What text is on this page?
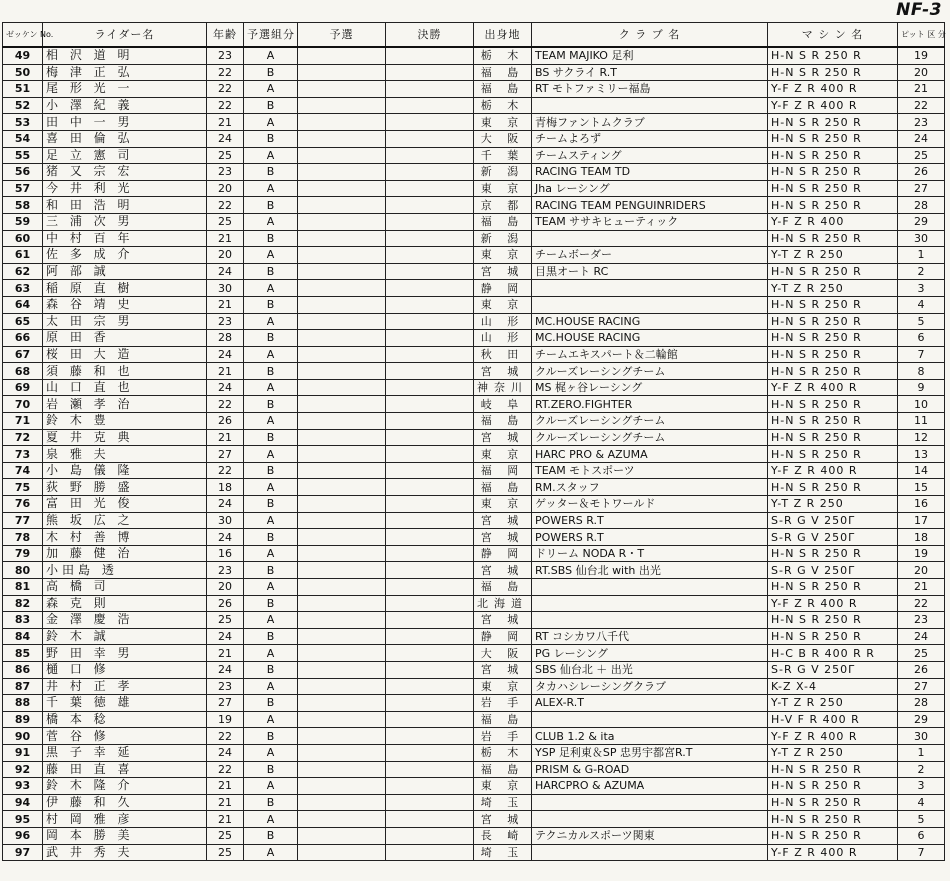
NF-3
ゼッケン No.	ライダー名	年齢	予選組分	予選	決勝	出身地	ク ラ ブ 名	マ シ ン 名	ピット 区 分
49	相 沢 道 明	23	A			栃 木	TEAM MAJIKO 足利	H-N S R 250 R	19
50	梅 津 正 弘	22	B			福 島	BS サクライ R.T	H-N S R 250 R	20
51	尾 形 光 一	22	A			福 島	RT モトファミリー福島	Y-F Z R 400 R	21
52	小 澤 紀 義	22	B			栃 木		Y-F Z R 400 R	22
53	田 中 一 男	21	A			東 京	青梅ファントムクラブ	H-N S R 250 R	23
54	喜 田 倫 弘	24	B			大 阪	チームよろず	H-N S R 250 R	24
55	足 立 憲 司	25	A			千 葉	チームスティング	H-N S R 250 R	25
56	猪 又 宗 宏	23	B			新 潟	RACING TEAM TD	H-N S R 250 R	26
57	今 井 利 光	20	A			東 京	Jha レーシング	H-N S R 250 R	27
58	和 田 浩 明	22	B			京 都	RACING TEAM PENGUINRIDERS	H-N S R 250 R	28
59	三 浦 次 男	25	A			福 島	TEAM ササキヒューティック	Y-F Z R 400	29
60	中 村 百 年	21	B			新 潟		H-N S R 250 R	30
61	佐 多 成 介	20	A			東 京	チームボーダー	Y-T Z R 250	1
62	阿 部 誠	24	B			宮 城	目黒オート RC	H-N S R 250 R	2
63	稲 原 直 樹	30	A			静 岡		Y-T Z R 250	3
64	森 谷 靖 史	21	B			東 京		H-N S R 250 R	4
65	太 田 宗 男	23	A			山 形	MC.HOUSE RACING	H-N S R 250 R	5
66	原 田 香	28	B			山 形	MC.HOUSE RACING	H-N S R 250 R	6
67	桜 田 大 造	24	A			秋 田	チームエキスパート＆二輪館	H-N S R 250 R	7
68	須 藤 和 也	21	B			宮 城	クルーズレーシングチーム	H-N S R 250 R	8
69	山 口 直 也	24	A			神奈川	MS 梶ヶ谷レーシング	Y-F Z R 400 R	9
70	岩 瀬 孝 治	22	B			岐 阜	RT.ZERO.FIGHTER	H-N S R 250 R	10
71	鈴 木 豊	26	A			福 島	クルーズレーシングチーム	H-N S R 250 R	11
72	夏 井 克 典	21	B			宮 城	クルーズレーシングチーム	H-N S R 250 R	12
73	泉 雅 夫	27	A			東 京	HARC PRO & AZUMA	H-N S R 250 R	13
74	小 島 儀 隆	22	B			福 岡	TEAM モトスポーツ	Y-F Z R 400 R	14
75	荻 野 勝 盛	18	A			福 島	RM.スタッフ	H-N S R 250 R	15
76	富 田 光 俊	24	B			東 京	ゲッター＆モトワールド	Y-T Z R 250	16
77	熊 坂 広 之	30	A			宮 城	POWERS R.T	S-R G V 250Γ	17
78	木 村 善 博	24	B			宮 城	POWERS R.T	S-R G V 250Γ	18
79	加 藤 健 治	16	A			静 岡	ドリーム NODA R・T	H-N S R 250 R	19
80	小田島 透	23	B			宮 城	RT.SBS 仙台北 with 出光	S-R G V 250Γ	20
81	高 橋 司	20	A			福 島		H-N S R 250 R	21
82	森 克 則	26	B			北海道		Y-F Z R 400 R	22
83	金 澤 慶 浩	25	A			宮 城		H-N S R 250 R	23
84	鈴 木 誠	24	B			静 岡	RT コシカワ八千代	H-N S R 250 R	24
85	野 田 幸 男	21	A			大 阪	PG レーシング	H-C B R 400 R R	25
86	樋 口 修	24	B			宮 城	SBS 仙台北 ＋ 出光	S-R G V 250Γ	26
87	井 村 正 孝	23	A			東 京	タカハシレーシングクラブ	K-Z X-4	27
88	千 葉 徳 雄	27	B			岩 手	ALEX-R.T	Y-T Z R 250	28
89	橋 本 稔	19	A			福 島		H-V F R 400 R	29
90	菅 谷 修	22	B			岩 手	CLUB 1.2 & ita	Y-F Z R 400 R	30
91	黒 子 幸 延	24	A			栃 木	YSP 足利東＆SP 忠男宇都宮R.T	Y-T Z R 250	1
92	藤 田 直 喜	22	B			福 島	PRISM & G-ROAD	H-N S R 250 R	2
93	鈴 木 隆 介	21	A			東 京	HARCPRO & AZUMA	H-N S R 250 R	3
94	伊 藤 和 久	21	B			埼 玉		H-N S R 250 R	4
95	村 岡 雅 彦	21	A			宮 城		H-N S R 250 R	5
96	岡 本 勝 美	25	B			長 崎	テクニカルスポーツ関東	H-N S R 250 R	6
97	武 井 秀 夫	25	A			埼 玉		Y-F Z R 400 R	7
